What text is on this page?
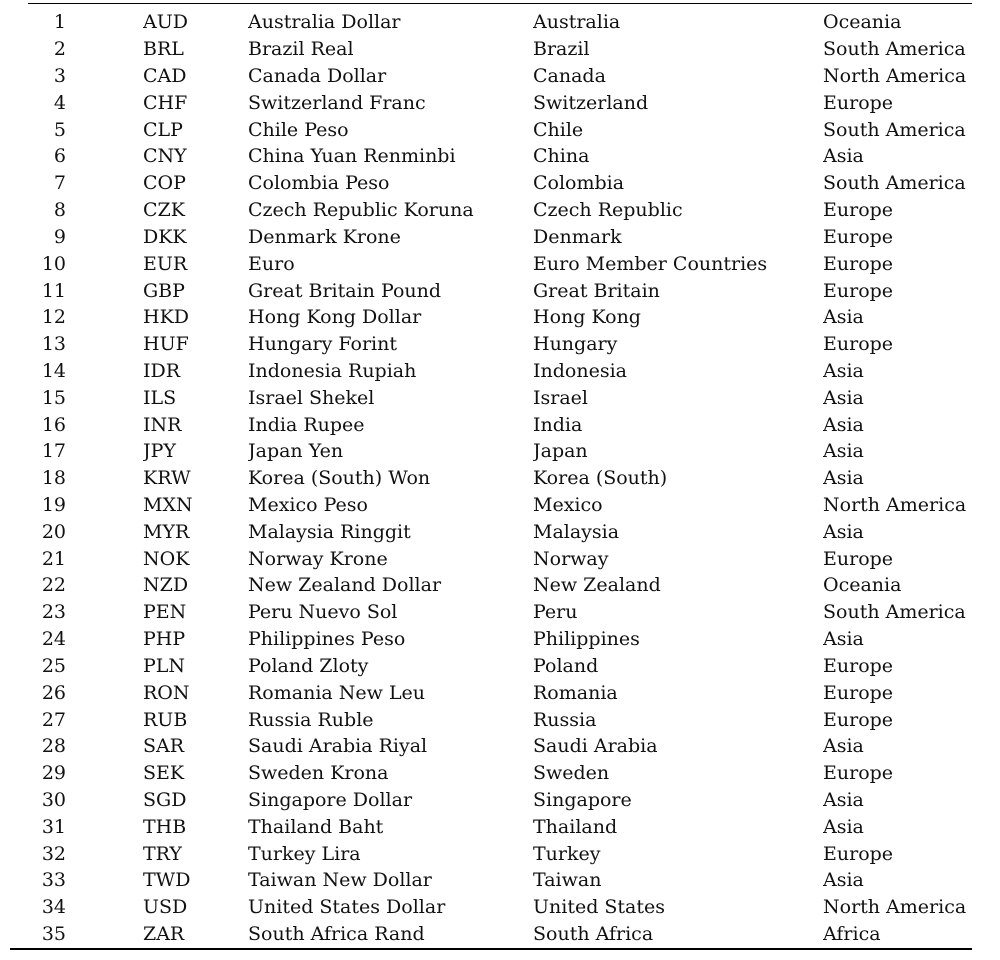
1		AUD	Australia Dollar	Australia	Oceania
2		BRL	Brazil Real	Brazil	South America
3		CAD	Canada Dollar	Canada	North America
4		CHF	Switzerland Franc	Switzerland	Europe
5		CLP	Chile Peso	Chile	South America
6		CNY	China Yuan Renminbi	China	Asia
7		COP	Colombia Peso	Colombia	South America
8		CZK	Czech Republic Koruna	Czech Republic	Europe
9		DKK	Denmark Krone	Denmark	Europe
10		EUR	Euro	Euro Member Countries	Europe
11		GBP	Great Britain Pound	Great Britain	Europe
12		HKD	Hong Kong Dollar	Hong Kong	Asia
13		HUF	Hungary Forint	Hungary	Europe
14		IDR	Indonesia Rupiah	Indonesia	Asia
15		ILS	Israel Shekel	Israel	Asia
16		INR	India Rupee	India	Asia
17		JPY	Japan Yen	Japan	Asia
18		KRW	Korea (South) Won	Korea (South)	Asia
19		MXN	Mexico Peso	Mexico	North America
20		MYR	Malaysia Ringgit	Malaysia	Asia
21		NOK	Norway Krone	Norway	Europe
22		NZD	New Zealand Dollar	New Zealand	Oceania
23		PEN	Peru Nuevo Sol	Peru	South America
24		PHP	Philippines Peso	Philippines	Asia
25		PLN	Poland Zloty	Poland	Europe
26		RON	Romania New Leu	Romania	Europe
27		RUB	Russia Ruble	Russia	Europe
28		SAR	Saudi Arabia Riyal	Saudi Arabia	Asia
29		SEK	Sweden Krona	Sweden	Europe
30		SGD	Singapore Dollar	Singapore	Asia
31		THB	Thailand Baht	Thailand	Asia
32		TRY	Turkey Lira	Turkey	Europe
33		TWD	Taiwan New Dollar	Taiwan	Asia
34		USD	United States Dollar	United States	North America
35		ZAR	South Africa Rand	South Africa	Africa
